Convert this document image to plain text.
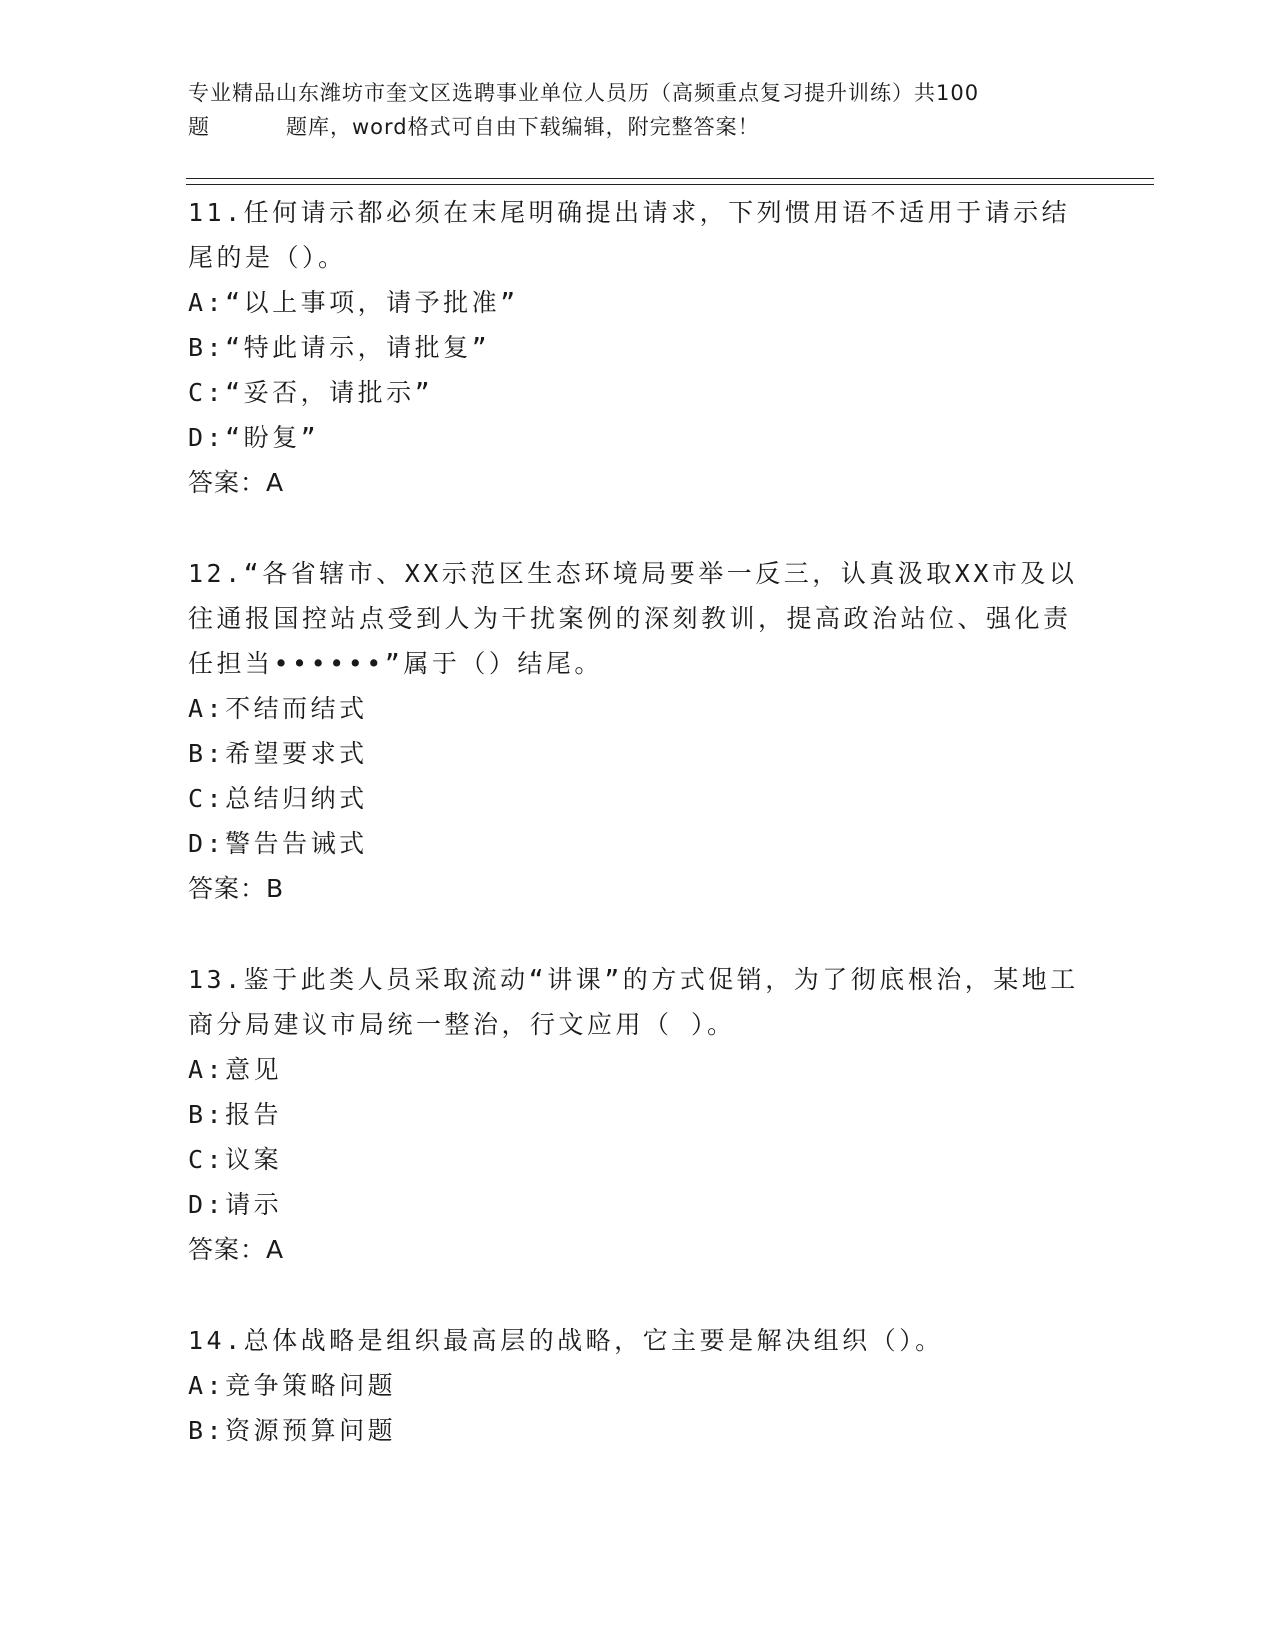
专业精品山东潍坊市奎文区选聘事业单位人员历（高频重点复习提升训练）共100
题	题库，word格式可自由下载编辑，附完整答案！

11.任何请示都必须在末尾明确提出请求，下列惯用语不适用于请示结尾的是（）。

A:“以上事项，请予批准”

B:“特此请示，请批复”

C:“妥否，请批示”

D:“盼复”

答案：A

12.“各省辖市、XX示范区生态环境局要举一反三，认真汲取XX市及以往通报国控站点受到人为干扰案例的深刻教训，提高政治站位、强化责任担当••••••”属于（）结尾。

A:不结而结式

B:希望要求式

C:总结归纳式

D:警告告诫式

答案：B

13.鉴于此类人员采取流动“讲课”的方式促销，为了彻底根治，某地工商分局建议市局统一整治，行文应用（ ）。

A:意见

B:报告

C:议案

D:请示

答案：A

14.总体战略是组织最高层的战略，它主要是解决组织（）。

A:竞争策略问题

B:资源预算问题
